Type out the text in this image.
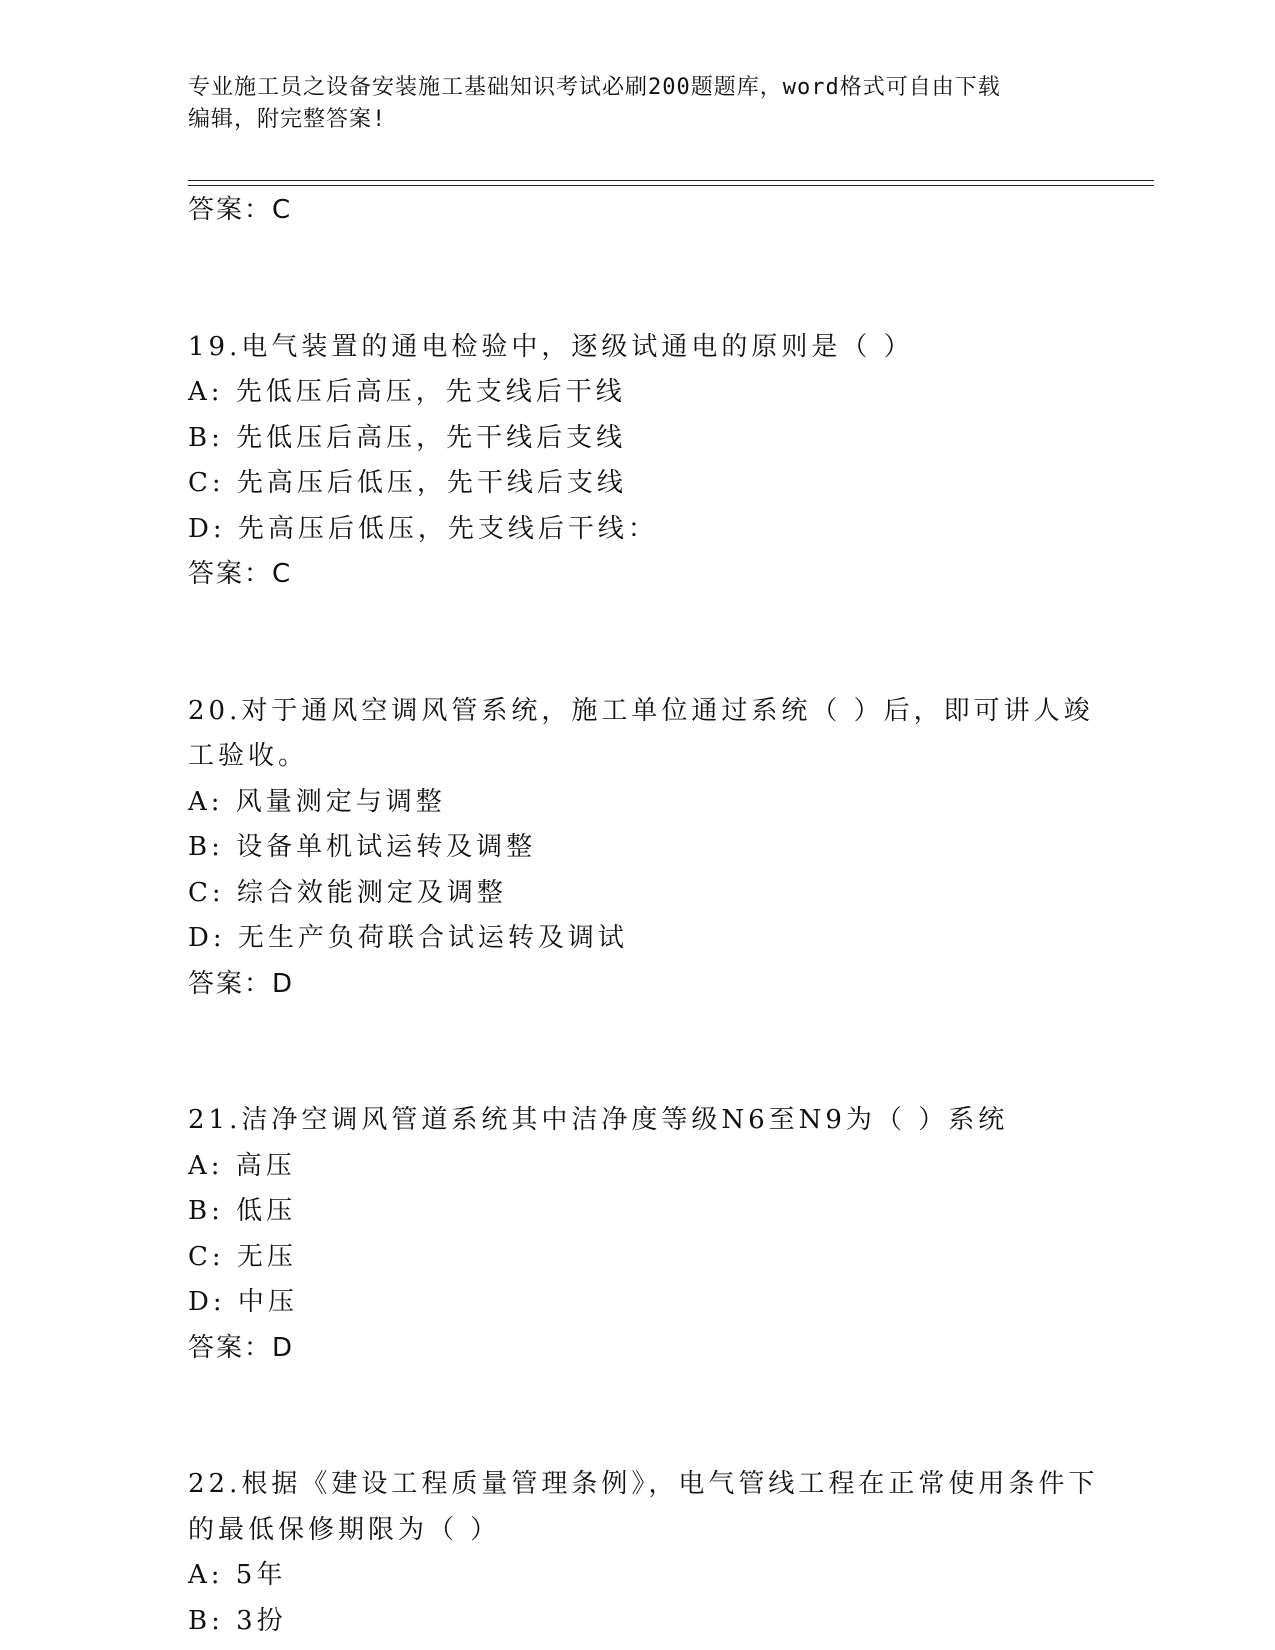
专业施工员之设备安装施工基础知识考试必刷200题题库，word格式可自由下载
编辑，附完整答案!
答案：C
19.电气装置的通电检验中，逐级试通电的原则是（ ）
A: 先低压后高压，先支线后干线
B: 先低压后高压，先干线后支线
C: 先高压后低压，先干线后支线
D: 先高压后低压，先支线后干线：
答案：C
20.对于通风空调风管系统，施工单位通过系统（ ）后，即可讲人竣
工验收。
A: 风量测定与调整
B: 设备单机试运转及调整
C: 综合效能测定及调整
D: 无生产负荷联合试运转及调试
答案：D
21.洁净空调风管道系统其中洁净度等级N6至N9为（ ）系统
A: 高压
B: 低压
C: 无压
D: 中压
答案：D
22.根据《建设工程质量管理条例》，电气管线工程在正常使用条件下
的最低保修期限为（ ）
A: 5年
B: 3扮
